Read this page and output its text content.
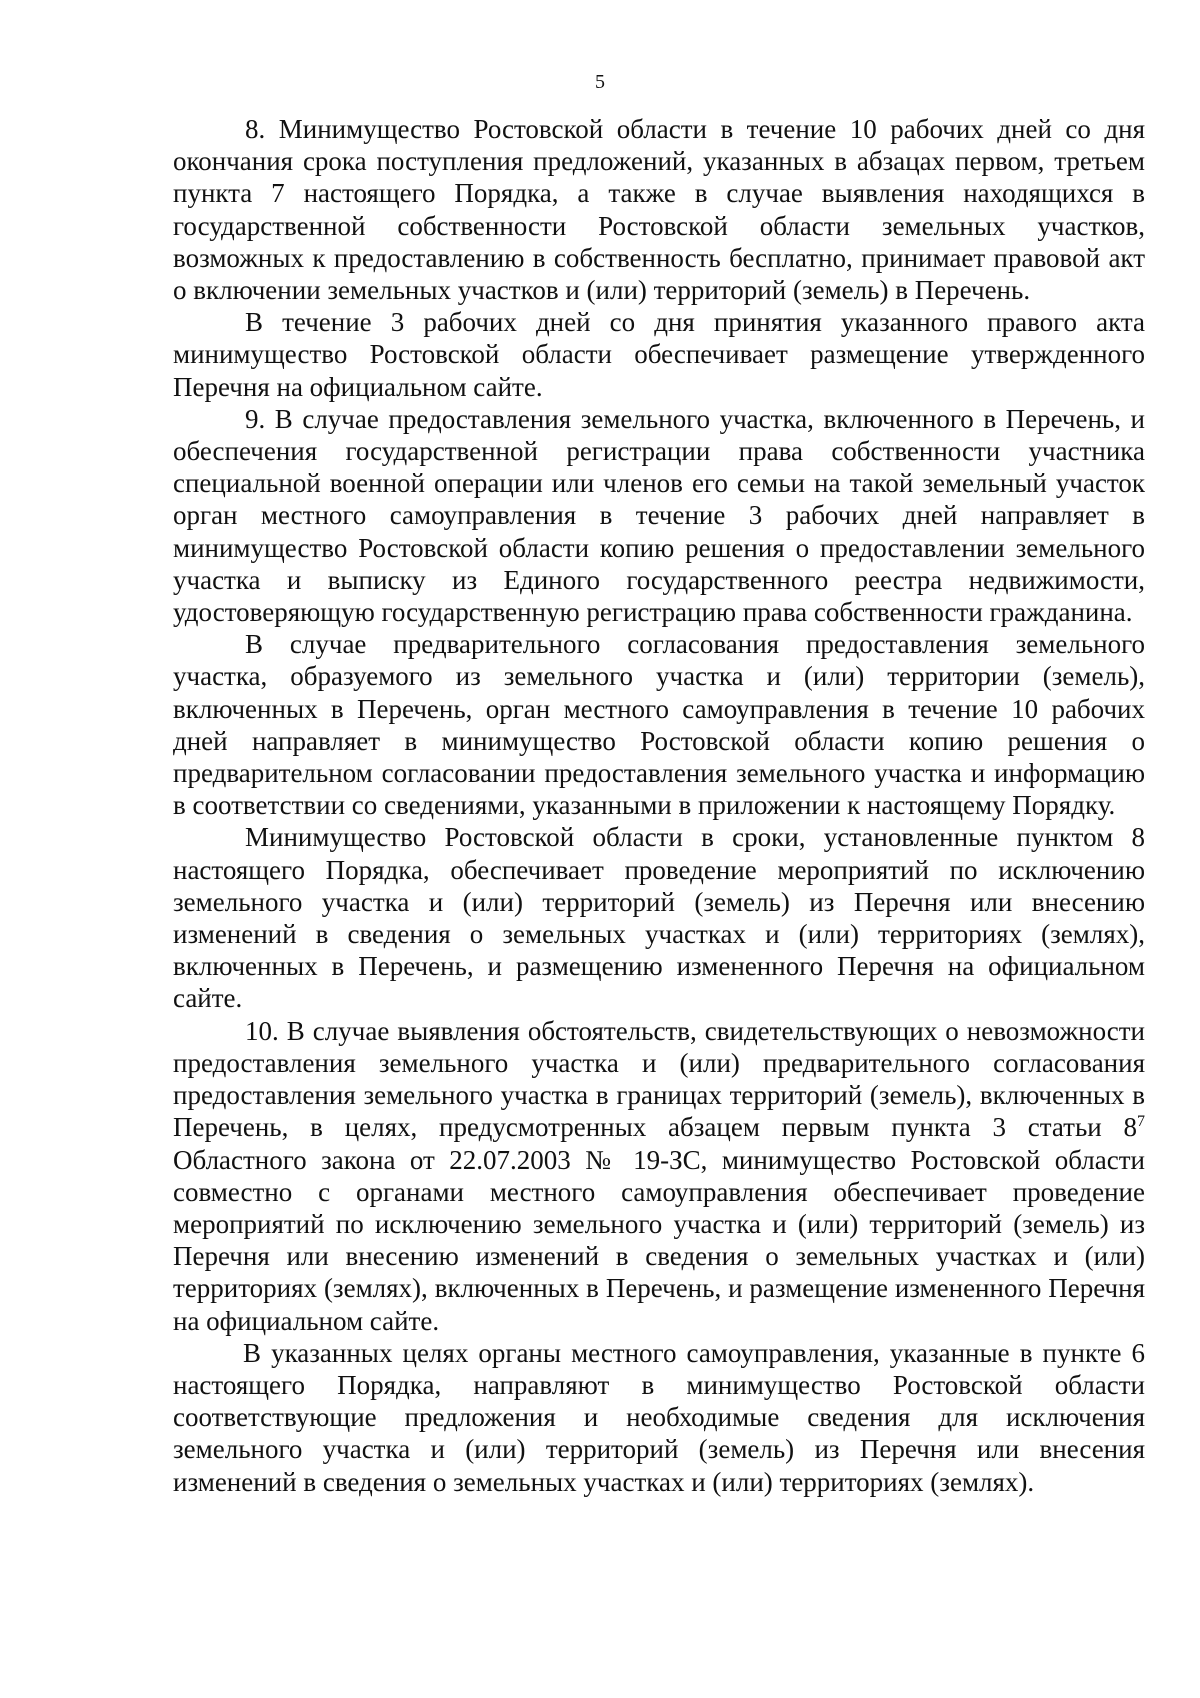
5

8. Минимущество Ростовской области в течение 10 рабочих дней со дня окончания срока поступления предложений, указанных в абзацах первом, третьем пункта 7 настоящего Порядка, а также в случае выявления находящихся в государственной собственности Ростовской области земельных участков, возможных к предоставлению в собственность бесплатно, принимает правовой акт о включении земельных участков и (или) территорий (земель) в Перечень.

В течение 3 рабочих дней со дня принятия указанного правого акта минимущество Ростовской области обеспечивает размещение утвержденного Перечня на официальном сайте.

9. В случае предоставления земельного участка, включенного в Перечень, и обеспечения государственной регистрации права собственности участника специальной военной операции или членов его семьи на такой земельный участок орган местного самоуправления в течение 3 рабочих дней направляет в минимущество Ростовской области копию решения о предоставлении земельного участка и выписку из Единого государственного реестра недвижимости, удостоверяющую государственную регистрацию права собственности гражданина.

В случае предварительного согласования предоставления земельного участка, образуемого из земельного участка и (или) территории (земель), включенных в Перечень, орган местного самоуправления в течение 10 рабочих дней направляет в минимущество Ростовской области копию решения о предварительном согласовании предоставления земельного участка и информацию в соответствии со сведениями, указанными в приложении к настоящему Порядку.

Минимущество Ростовской области в сроки, установленные пунктом 8 настоящего Порядка, обеспечивает проведение мероприятий по исключению земельного участка и (или) территорий (земель) из Перечня или внесению изменений в сведения о земельных участках и (или) территориях (землях), включенных в Перечень, и размещению измененного Перечня на официальном сайте.

10. В случае выявления обстоятельств, свидетельствующих о невозможности предоставления земельного участка и (или) предварительного согласования предоставления земельного участка в границах территорий (земель), включенных в Перечень, в целях, предусмотренных абзацем первым пункта 3 статьи $8^7$ Областного закона от 22.07.2003 № 19-ЗС, минимущество Ростовской области совместно с органами местного самоуправления обеспечивает проведение мероприятий по исключению земельного участка и (или) территорий (земель) из Перечня или внесению изменений в сведения о земельных участках и (или) территориях (землях), включенных в Перечень, и размещение измененного Перечня на официальном сайте.

В указанных целях органы местного самоуправления, указанные в пункте 6 настоящего Порядка, направляют в минимущество Ростовской области соответствующие предложения и необходимые сведения для исключения земельного участка и (или) территорий (земель) из Перечня или внесения изменений в сведения о земельных участках и (или) территориях (землях).
